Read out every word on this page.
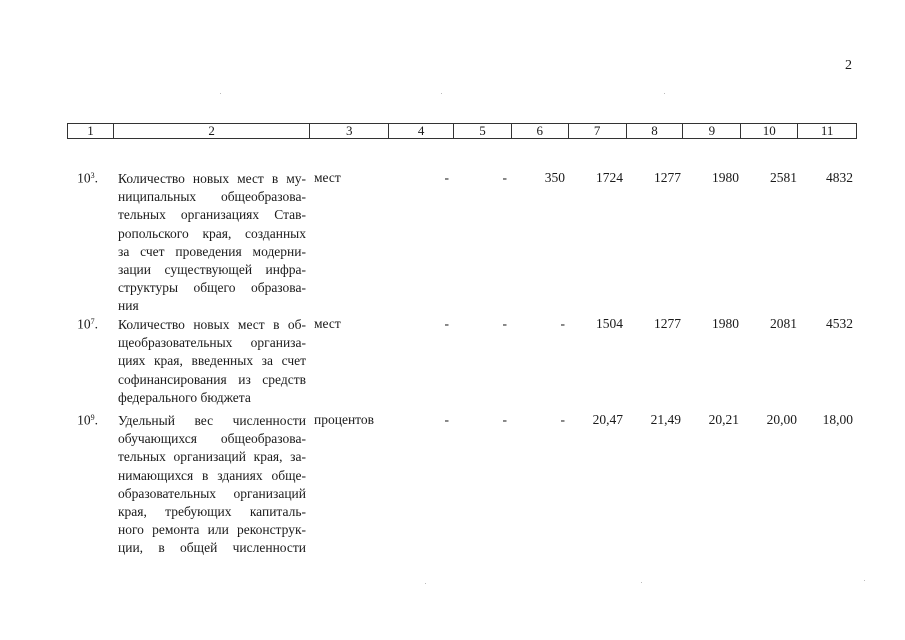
2
1	2	3	4	5	6	7	8	9	10	11
$10^3$. Количество новых мест в му-
ниципальных общеобразова-
тельных организациях Став-
ропольского края, созданных
за счет проведения модерни-
зации существующей инфра-
структуры общего образова-
ния
мест	-	-	350	1724	1277	1980	2581	4832
$10^7$. Количество новых мест в об-
щеобразовательных организа-
циях края, введенных за счет
софинансирования из средств
федерального бюджета
мест	-	-	-	1504	1277	1980	2081	4532
$10^9$. Удельный вес численности
обучающихся общеобразова-
тельных организаций края, за-
нимающихся в зданиях обще-
образовательных организаций
края, требующих капиталь-
ного ремонта или реконструк-
ции, в общей численности
процентов	-	-	-	20,47	21,49	20,21	20,00	18,00
